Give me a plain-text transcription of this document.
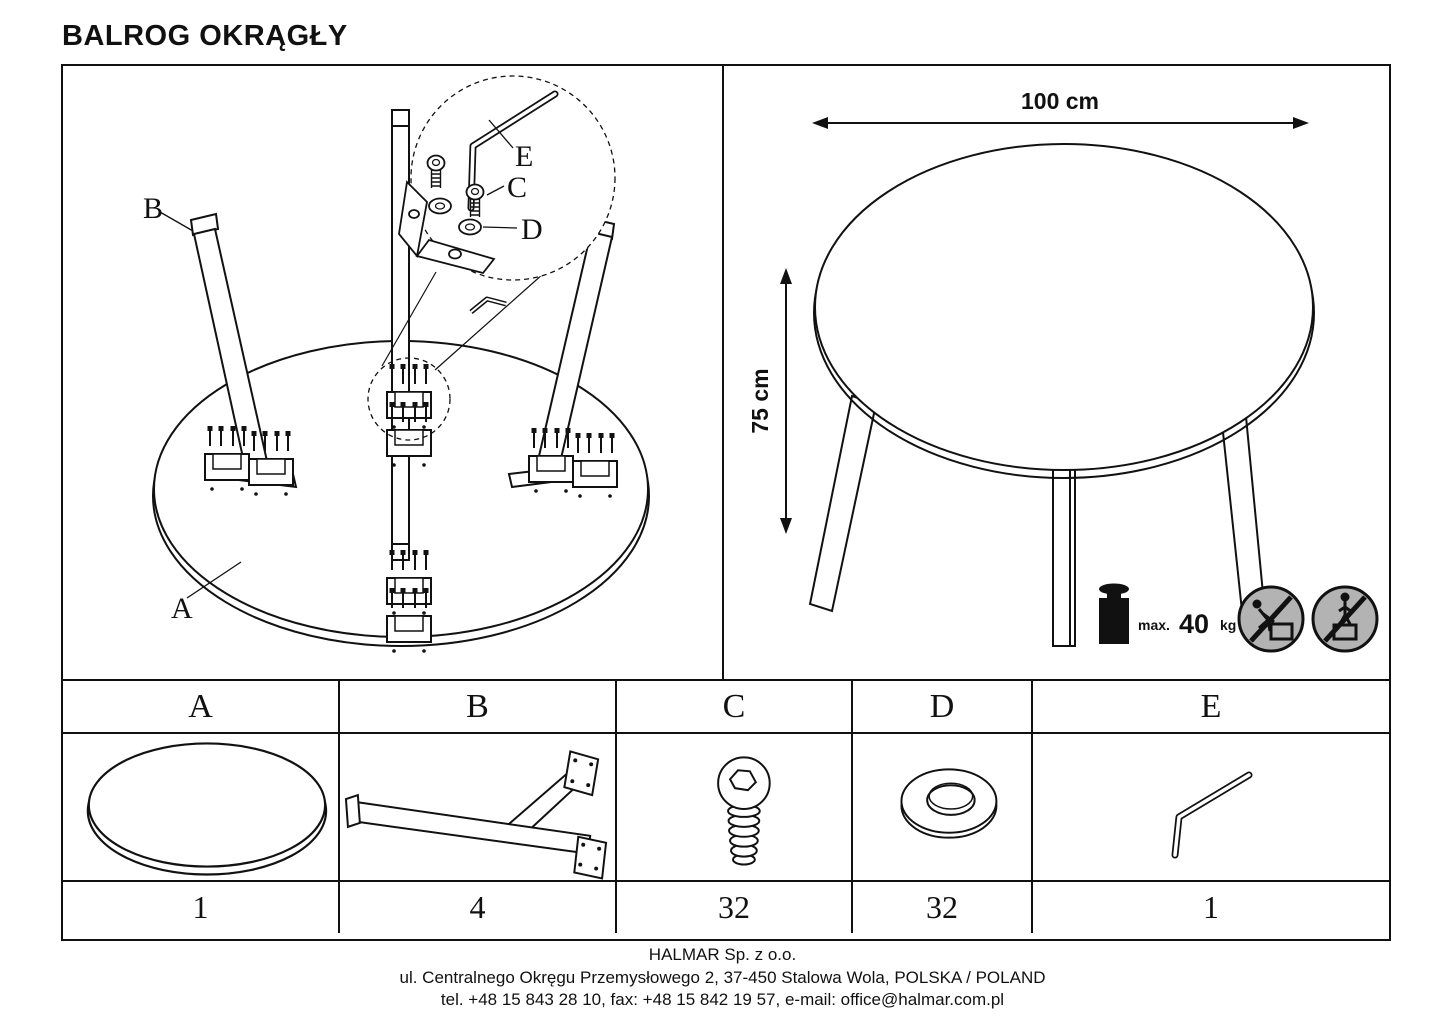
BALROG OKRĄGŁY
E
C
D
B
A
100 cm
75 cm
max. 40 kg
A	B	C	D	E
1	4	32	32	1
HALMAR Sp. z o.o.
ul. Centralnego Okręgu Przemysłowego 2, 37-450 Stalowa Wola, POLSKA / POLAND
tel. +48 15 843 28 10, fax: +48 15 842 19 57, e-mail: office@halmar.com.pl
